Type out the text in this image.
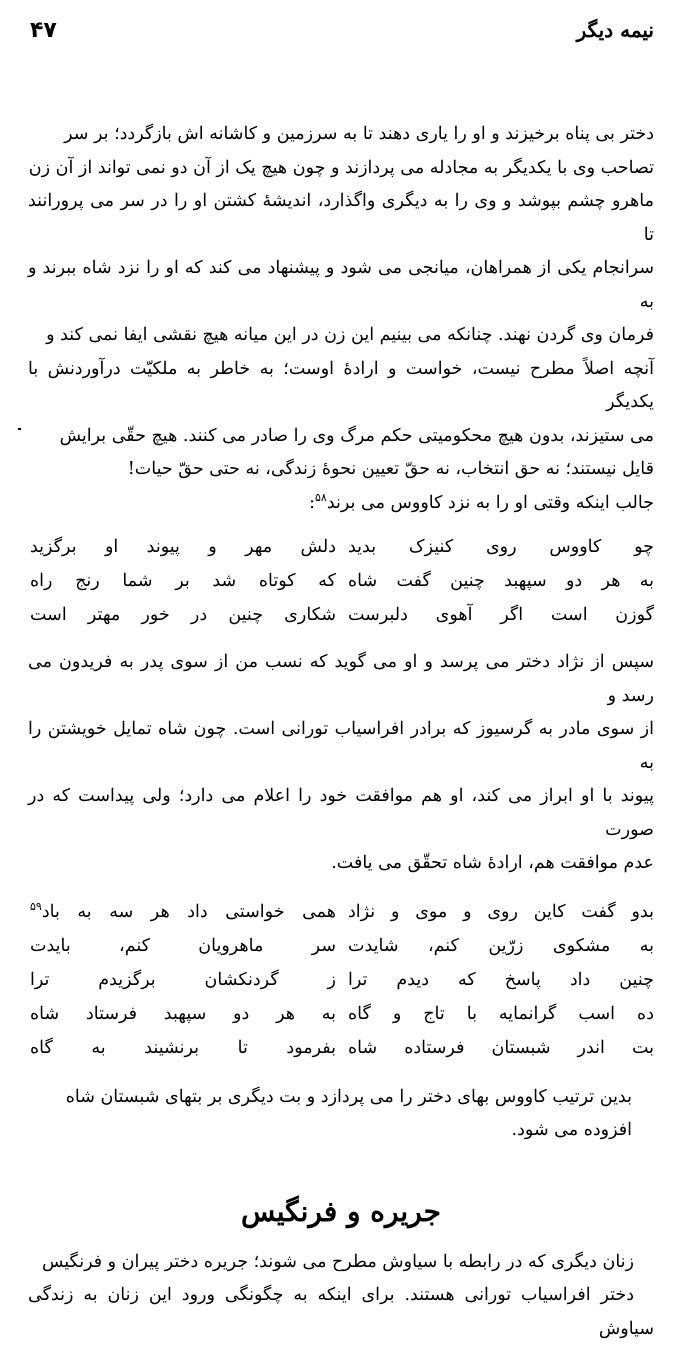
نیمه دیگر
۴۷

دختر بی پناه برخیزند و او را یاری دهند تا به سرزمین و کاشانه اش بازگردد؛ بر سر

تصاحب وی با یکدیگر به مجادله می پردازند و چون هیچ یک از آن دو نمی تواند از آن زن

ماهرو چشم بپوشد و وی را به دیگری واگذارد، اندیشهٔ کشتن او را در سر می پرورانند تا

سرانجام یکی از همراهان، میانجی می شود و پیشنهاد می کند که او را نزد شاه ببرند و به

فرمان وی گردن نهند. چنانکه می بینیم این زن در این میانه هیچ نقشی ایفا نمی کند و

آنچه اصلاً مطرح نیست، خواست و ارادهٔ اوست؛ به خاطر به ملکیّت درآوردنش با یکدیگر

می ستیزند، بدون هیچ محکومیتی حکم مرگ وی را صادر می کنند. هیچ حقّی برایش

قایل نیستند؛ نه حق انتخاب، نه حقّ تعیین نحوهٔ زندگی، نه حتی حقّ حیات!

جالب اینکه وقتی او را به نزد کاووس می برند$^{۵۸}$:

چو کاووس روی کنیزک بدید
دلش مهر و پیوند او برگزید
به هر دو سپهبد چنین گفت شاه
که کوتاه شد بر شما رنج راه
گوزن است اگر آهوی دلبرست
شکاری چنین در خور مهتر است

سپس از نژاد دختر می پرسد و او می گوید که نسب من از سوی پدر به فریدون می رسد و

از سوی مادر به گرسیوز که برادر افراسیاب تورانی است. چون شاه تمایل خویشتن را به

پیوند با او ابراز می کند، او هم موافقت خود را اعلام می دارد؛ ولی پیداست که در صورت

عدم موافقت هم، ارادهٔ شاه تحقّق می یافت.

بدو گفت کاین روی و موی و نژاد
همی خواستی داد هر سه به باد$^{۵۹}$
به مشکوی زرّین کنم، شایدت
سر ماهرویان کنم، بایدت
چنین داد پاسخ که دیدم ترا
ز گردنکشان برگزیدم ترا
ده اسب گرانمایه با تاج و گاه
به هر دو سپهبد فرستاد شاه
بت اندر شبستان فرستاده شاه
بفرمود تا برنشیند به گاه

بدین ترتیب کاووس بهای دختر را می پردازد و بت دیگری بر بتهای شبستان شاه

افزوده می شود.

جریره و فرنگیس

زنان دیگری که در رابطه با سیاوش مطرح می شوند؛ جریره دختر پیران و فرنگیس

دختر افراسیاب تورانی هستند. برای اینکه به چگونگی ورود این زنان به زندگی سیاوش
